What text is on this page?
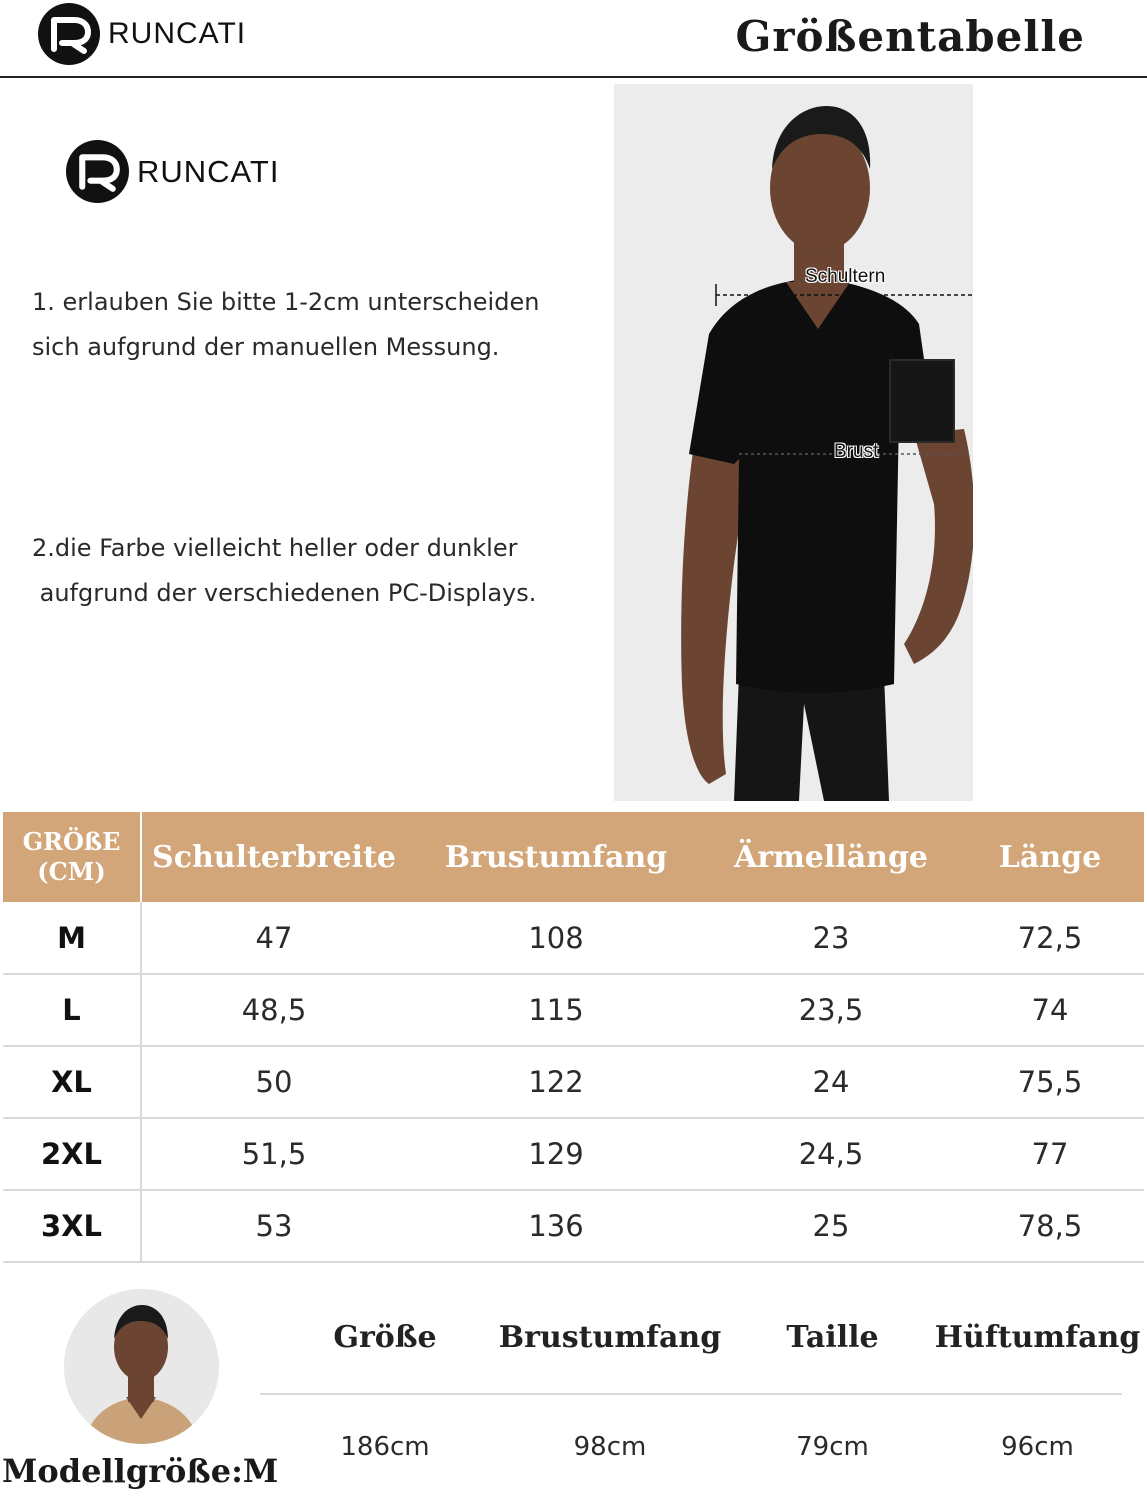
RUNCATI	Größentabelle
RUNCATI
1. erlauben Sie bitte 1-2cm unterscheiden
sich aufgrund der manuellen Messung.
2.die Farbe vielleicht heller oder dunkler
aufgrund der verschiedenen PC-Displays.
Schultern
Brust
GRÖßE
(CM)	Schulterbreite	Brustumfang	Ärmellänge	Länge
M	47	108	23	72,5
L	48,5	115	23,5	74
XL	50	122	24	75,5
2XL	51,5	129	24,5	77
3XL	53	136	25	78,5
Modellgröße:M
Größe	Brustumfang	Taille	Hüftumfang
186cm	98cm	79cm	96cm
